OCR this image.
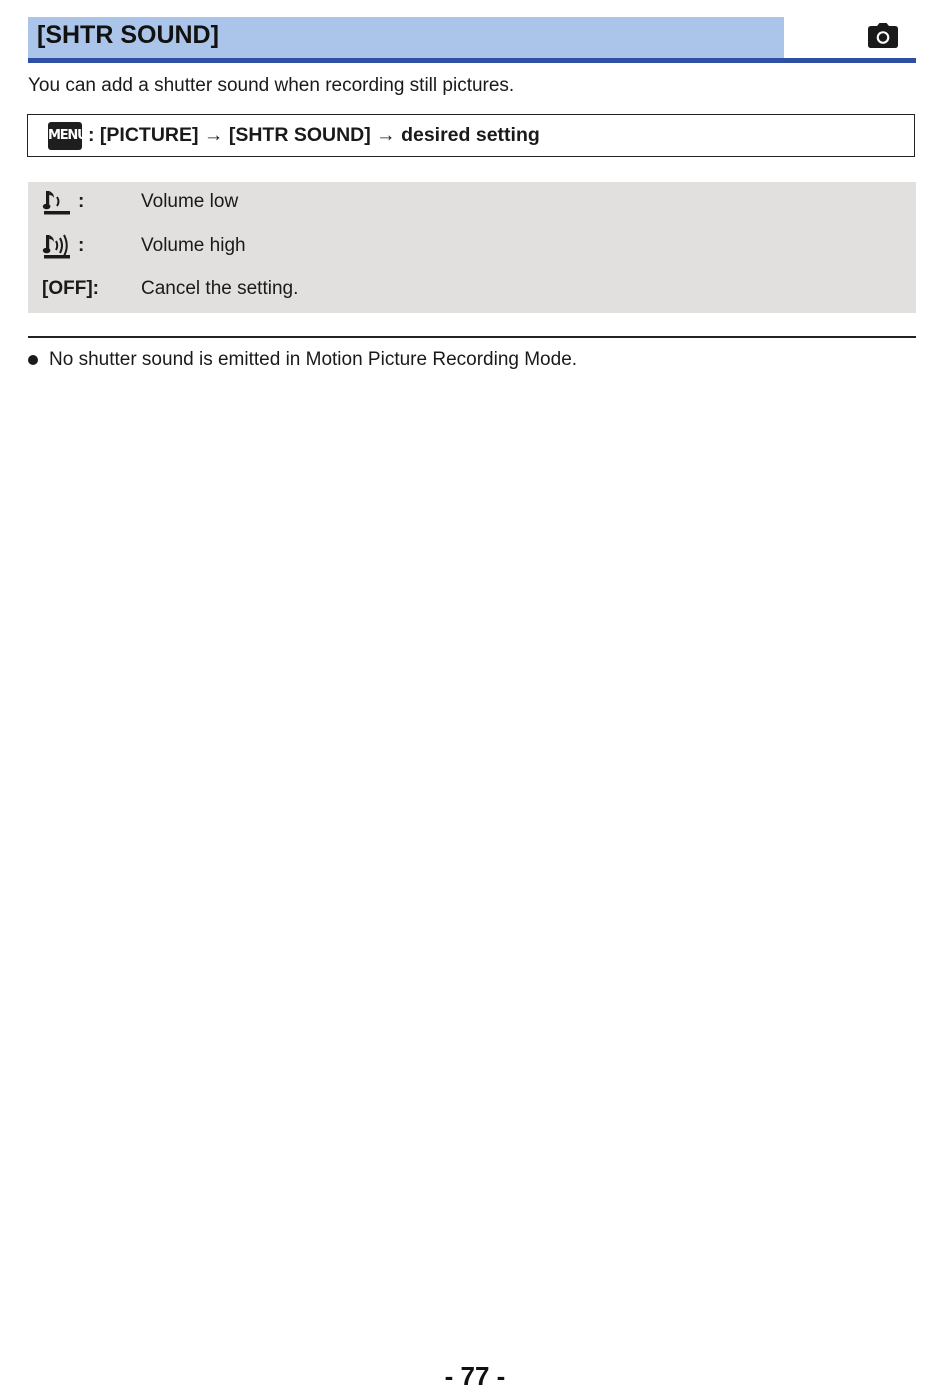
[SHTR SOUND]
You can add a shutter sound when recording still pictures.
MENU : [PICTURE] → [SHTR SOUND] → desired setting
:	Volume low
:	Volume high
[OFF]: Cancel the setting.
No shutter sound is emitted in Motion Picture Recording Mode.
- 77 -
